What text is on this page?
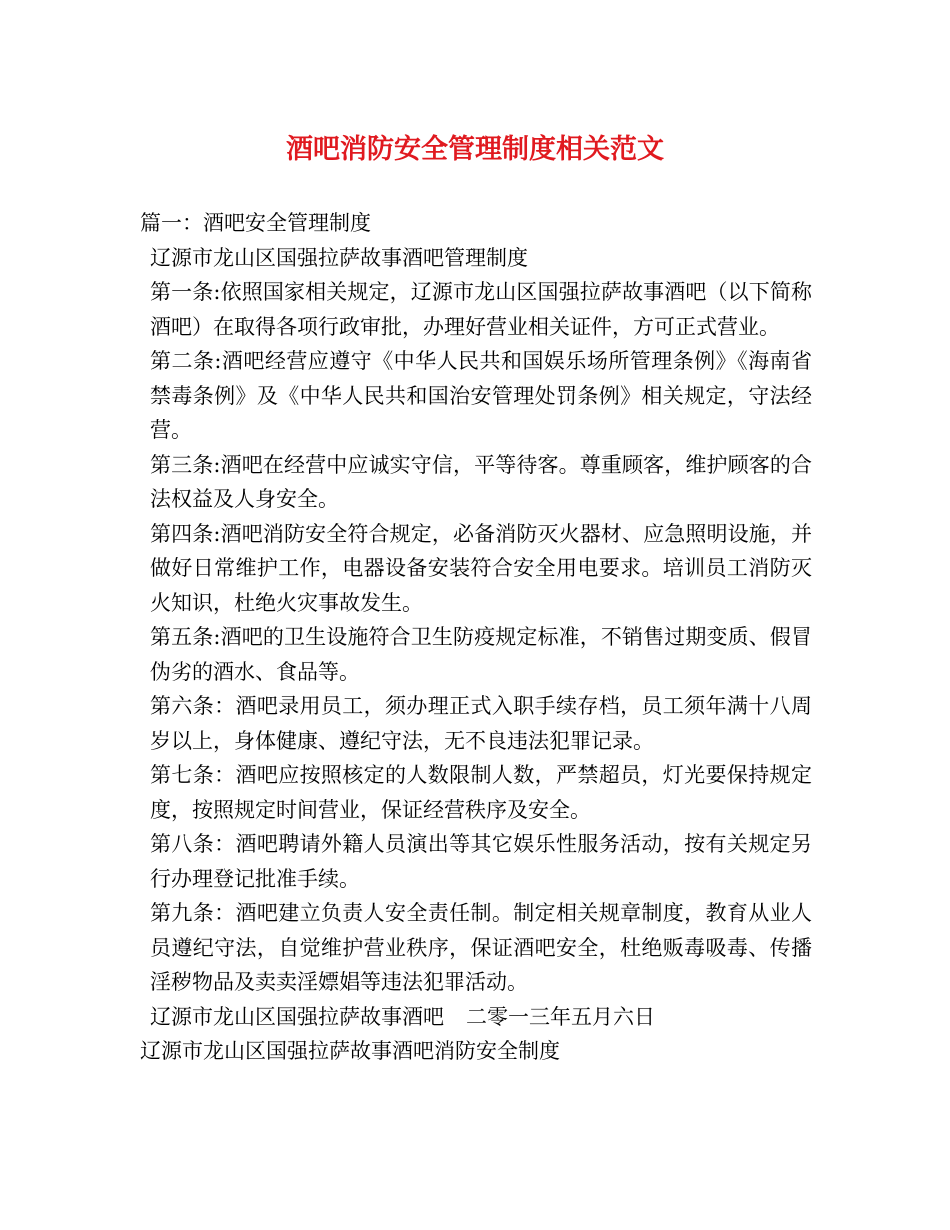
酒吧消防安全管理制度相关范文

篇一：酒吧安全管理制度

辽源市龙山区国强拉萨故事酒吧管理制度

第一条:依照国家相关规定，辽源市龙山区国强拉萨故事酒吧（以下简称酒吧）在取得各项行政审批，办理好营业相关证件，方可正式营业。

第二条:酒吧经营应遵守《中华人民共和国娱乐场所管理条例》《海南省禁毒条例》及《中华人民共和国治安管理处罚条例》相关规定，守法经营。

第三条:酒吧在经营中应诚实守信，平等待客。尊重顾客，维护顾客的合法权益及人身安全。

第四条:酒吧消防安全符合规定，必备消防灭火器材、应急照明设施，并做好日常维护工作，电器设备安装符合安全用电要求。培训员工消防灭火知识，杜绝火灾事故发生。

第五条:酒吧的卫生设施符合卫生防疫规定标准，不销售过期变质、假冒伪劣的酒水、食品等。

第六条：酒吧录用员工，须办理正式入职手续存档，员工须年满十八周岁以上，身体健康、遵纪守法，无不良违法犯罪记录。

第七条：酒吧应按照核定的人数限制人数，严禁超员，灯光要保持规定度，按照规定时间营业，保证经营秩序及安全。

第八条：酒吧聘请外籍人员演出等其它娱乐性服务活动，按有关规定另行办理登记批准手续。

第九条：酒吧建立负责人安全责任制。制定相关规章制度，教育从业人员遵纪守法，自觉维护营业秩序，保证酒吧安全，杜绝贩毒吸毒、传播淫秽物品及卖卖淫嫖娼等违法犯罪活动。

辽源市龙山区国强拉萨故事酒吧 二零一三年五月六日

辽源市龙山区国强拉萨故事酒吧消防安全制度
